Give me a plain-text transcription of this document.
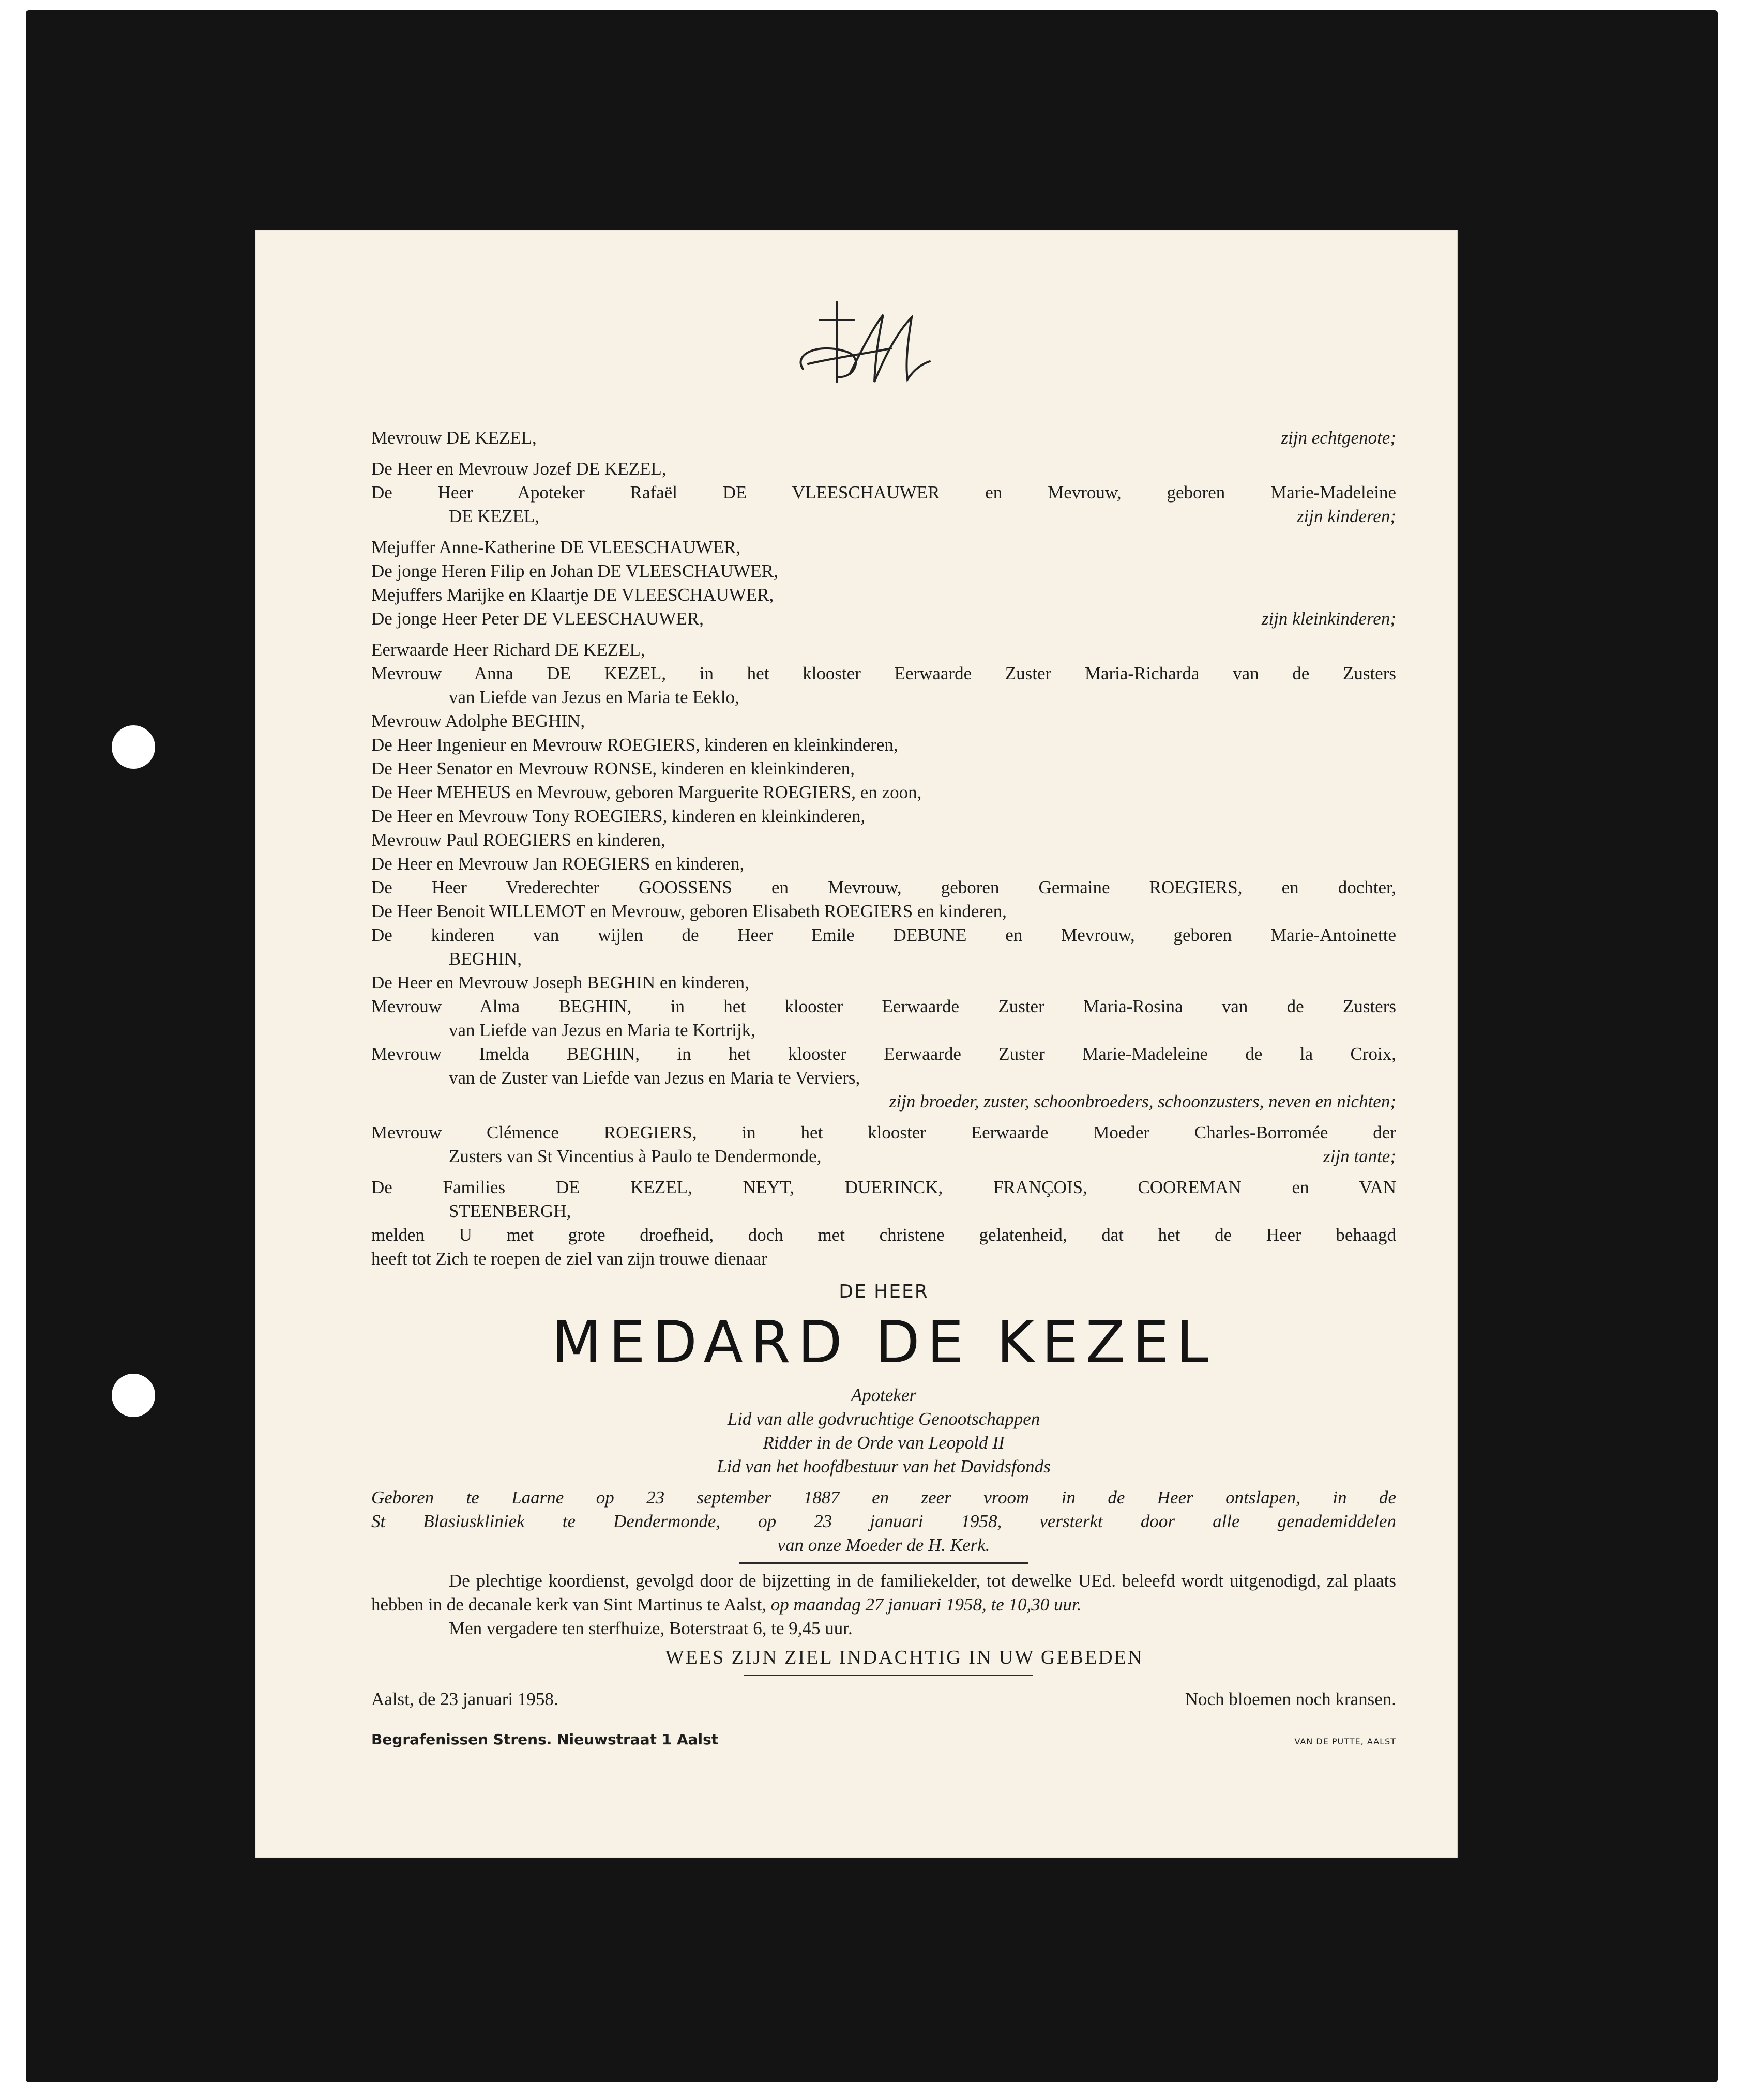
Mevrouw DE KEZEL,	zijn echtgenote;
De Heer en Mevrouw Jozef DE KEZEL,
De Heer Apoteker Rafaël DE VLEESCHAUWER en Mevrouw, geboren Marie-Madeleine
DE KEZEL,	zijn kinderen;
Mejuffer Anne-Katherine DE VLEESCHAUWER,
De jonge Heren Filip en Johan DE VLEESCHAUWER,
Mejuffers Marijke en Klaartje DE VLEESCHAUWER,
De jonge Heer Peter DE VLEESCHAUWER,	zijn kleinkinderen;
Eerwaarde Heer Richard DE KEZEL,
Mevrouw Anna DE KEZEL, in het klooster Eerwaarde Zuster Maria-Richarda van de Zusters
van Liefde van Jezus en Maria te Eeklo,
Mevrouw Adolphe BEGHIN,
De Heer Ingenieur en Mevrouw ROEGIERS, kinderen en kleinkinderen,
De Heer Senator en Mevrouw RONSE, kinderen en kleinkinderen,
De Heer MEHEUS en Mevrouw, geboren Marguerite ROEGIERS, en zoon,
De Heer en Mevrouw Tony ROEGIERS, kinderen en kleinkinderen,
Mevrouw Paul ROEGIERS en kinderen,
De Heer en Mevrouw Jan ROEGIERS en kinderen,
De Heer Vrederechter GOOSSENS en Mevrouw, geboren Germaine ROEGIERS, en dochter,
De Heer Benoit WILLEMOT en Mevrouw, geboren Elisabeth ROEGIERS en kinderen,
De kinderen van wijlen de Heer Emile DEBUNE en Mevrouw, geboren Marie-Antoinette
BEGHIN,
De Heer en Mevrouw Joseph BEGHIN en kinderen,
Mevrouw Alma BEGHIN, in het klooster Eerwaarde Zuster Maria-Rosina van de Zusters
van Liefde van Jezus en Maria te Kortrijk,
Mevrouw Imelda BEGHIN, in het klooster Eerwaarde Zuster Marie-Madeleine de la Croix,
van de Zuster van Liefde van Jezus en Maria te Verviers,
zijn broeder, zuster, schoonbroeders, schoonzusters, neven en nichten;
Mevrouw Clémence ROEGIERS, in het klooster Eerwaarde Moeder Charles-Borromée der
Zusters van St Vincentius à Paulo te Dendermonde,	zijn tante;
De Families DE KEZEL, NEYT, DUERINCK, FRANÇOIS, COOREMAN en VAN
STEENBERGH,
melden U met grote droefheid, doch met christene gelatenheid, dat het de Heer behaagd
heeft tot Zich te roepen de ziel van zijn trouwe dienaar
DE HEER
MEDARD DE KEZEL
Apoteker
Lid van alle godvruchtige Genootschappen
Ridder in de Orde van Leopold II
Lid van het hoofdbestuur van het Davidsfonds
Geboren te Laarne op 23 september 1887 en zeer vroom in de Heer ontslapen, in de
St Blasiuskliniek te Dendermonde, op 23 januari 1958, versterkt door alle genademiddelen
van onze Moeder de H. Kerk.
De plechtige koordienst, gevolgd door de bijzetting in de familiekelder, tot dewelke UEd. beleefd wordt uitgenodigd, zal plaats hebben in de decanale kerk van Sint Martinus te Aalst, op maandag 27 januari 1958, te 10,30 uur.
Men vergadere ten sterfhuize, Boterstraat 6, te 9,45 uur.
WEES ZIJN ZIEL INDACHTIG IN UW GEBEDEN
Aalst, de 23 januari 1958.	Noch bloemen noch kransen.
Begrafenissen Strens. Nieuwstraat 1 Aalst	VAN DE PUTTE, AALST
